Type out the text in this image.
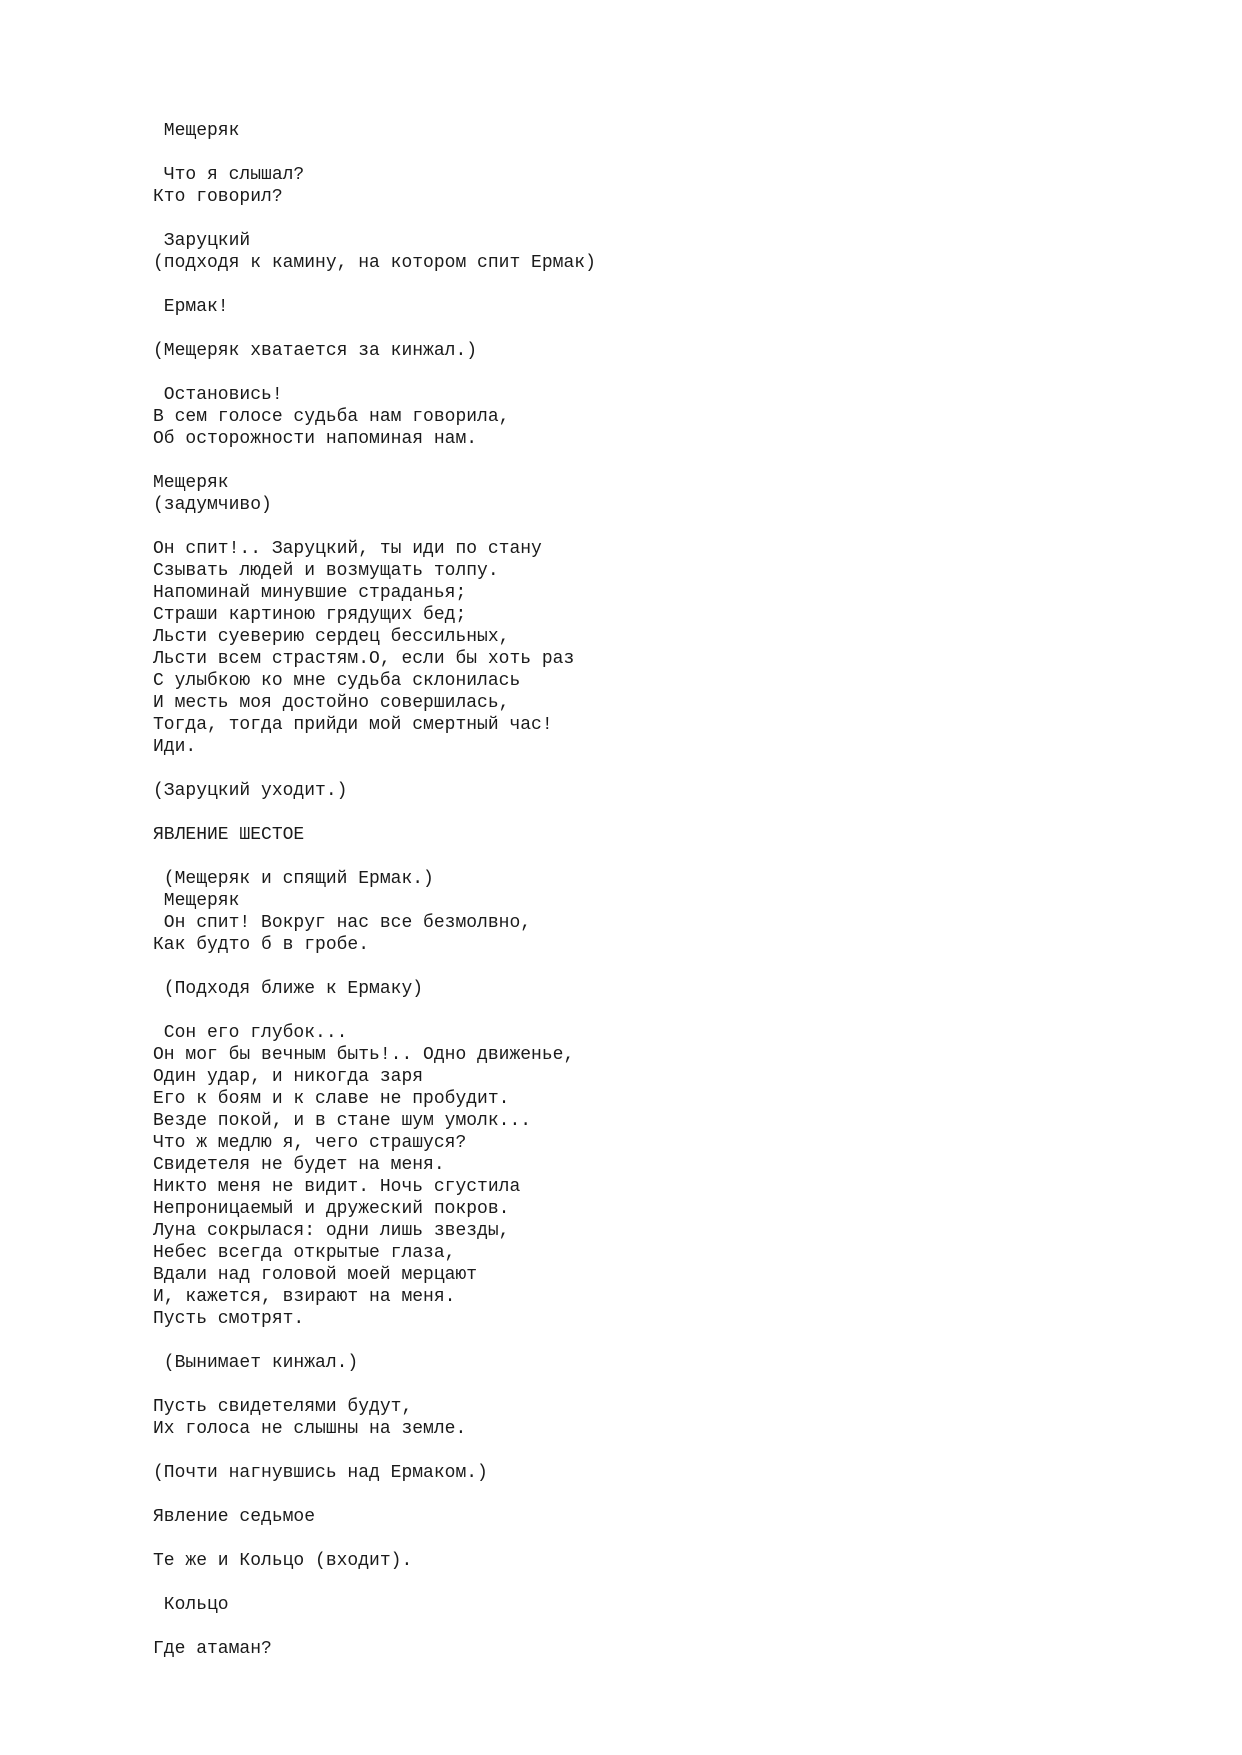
Мещеряк
Что я слышал?
Кто говорил?
Заруцкий
(подходя к камину, на котором спит Ермак)
Ермак!
(Мещеряк хватается за кинжал.)
Остановись!
В сем голосе судьба нам говорила,
Об осторожности напоминая нам.
Мещеряк
(задумчиво)
Он спит!.. Заруцкий, ты иди по стану
Сзывать людей и возмущать толпу.
Напоминай минувшие страданья;
Страши картиною грядущих бед;
Льсти суеверию сердец бессильных,
Льсти всем страстям.О, если бы хоть раз
С улыбкою ко мне судьба склонилась
И месть моя достойно совершилась,
Тогда, тогда прийди мой смертный час!
Иди.
(Заруцкий уходит.)
ЯВЛЕНИЕ ШЕСТОЕ
(Мещеряк и спящий Ермак.)
Мещеряк
Он спит! Вокруг нас все безмолвно,
Как будто б в гробе.
(Подходя ближе к Ермаку)
Сон его глубок...
Он мог бы вечным быть!.. Одно движенье,
Один удар, и никогда заря
Его к боям и к славе не пробудит.
Везде покой, и в стане шум умолк...
Что ж медлю я, чего страшуся?
Свидетеля не будет на меня.
Никто меня не видит. Ночь сгустила
Непроницаемый и дружеский покров.
Луна сокрылася: одни лишь звезды,
Небес всегда открытые глаза,
Вдали над головой моей мерцают
И, кажется, взирают на меня.
Пусть смотрят.
(Вынимает кинжал.)
Пусть свидетелями будут,
Их голоса не слышны на земле.
(Почти нагнувшись над Ермаком.)
Явление седьмое
Те же и Кольцо (входит).
Кольцо
Где атаман?
